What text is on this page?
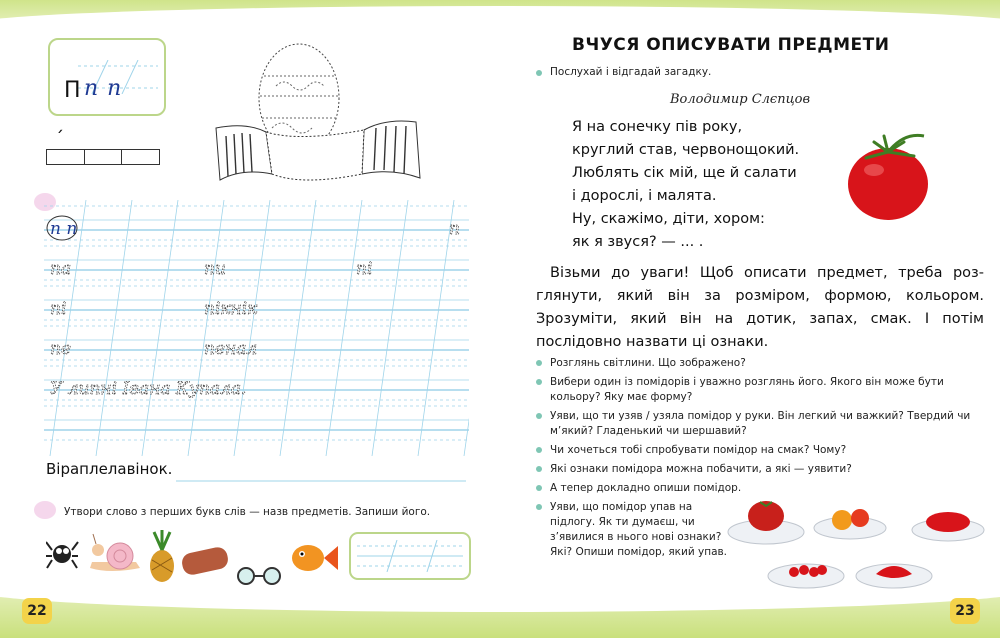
П п п
´
п п	п
па	пи	пі
пі	пікнік
пе	пенал
У липні Івана Купала.
Віраплелавінок.
Утвори слово з перших букв слів — назв предметів. Запиши його.
22
ВЧУСЯ ОПИСУВАТИ ПРЕДМЕТИ
Послухай і відгадай загадку.
Володимир Слєпцов
Я на сонечку пів року,
круглий став, червонощокий.
Люблять сік мій, ще й салати
і дорослі, і малята.
Ну, скажімо, діти, хором:
як я звуся? — ... .
Візьми до уваги! Щоб описати предмет, треба розглянути, який він за розміром, формою, кольором. Зрозуміти, який він на дотик, запах, смак. І потім послідовно назвати ці ознаки.
Розглянь світлини. Що зображено?
Вибери один із помідорів і уважно розглянь його. Якого він може бути кольору? Яку має форму?
Уяви, що ти узяв / узяла помідор у руки. Він легкий чи важкий? Твердий чи м’який? Гладенький чи шершавий?
Чи хочеться тобі спробувати помідор на смак? Чому?
Які ознаки помідора можна побачити, а які — уявити?
А тепер докладно опиши помідор.
Уяви, що помідор упав на підлогу. Як ти думаєш, чи з’явилися в нього нові ознаки? Які? Опиши помідор, який упав.
23
